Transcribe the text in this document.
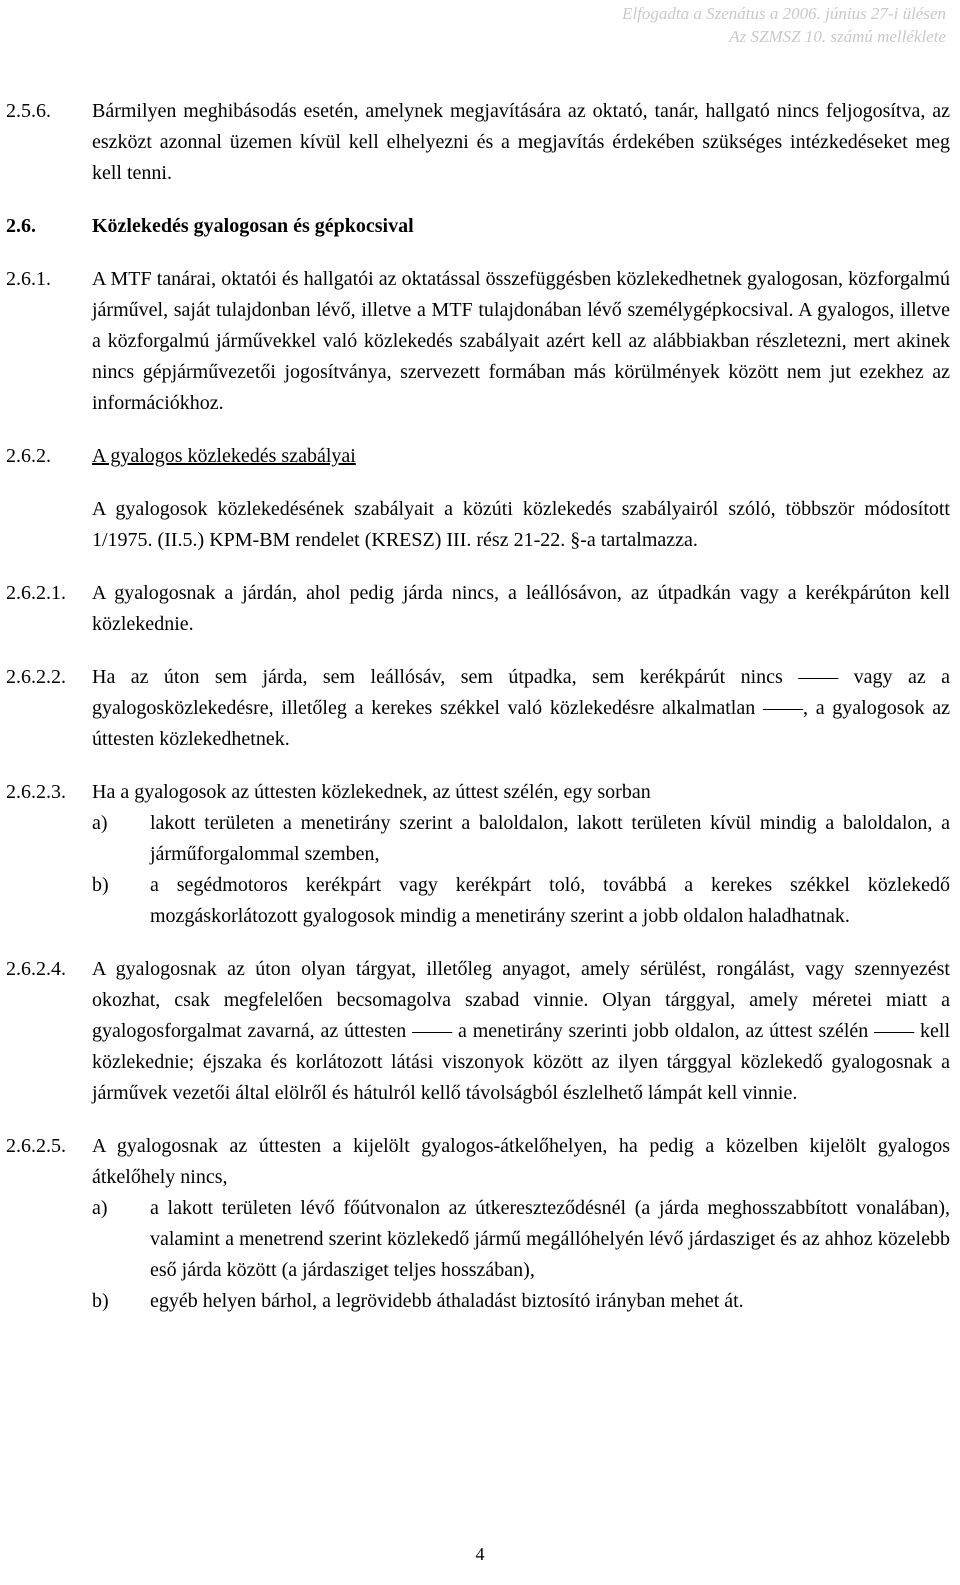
Elfogadta a Szenátus a 2006. június 27-i ülésen
Az SZMSZ 10. számú melléklete
2.5.6.	Bármilyen meghibásodás esetén, amelynek megjavítására az oktató, tanár, hallgató nincs feljogosítva, az eszközt azonnal üzemen kívül kell elhelyezni és a megjavítás érdekében szükséges intézkedéseket meg kell tenni.
2.6.	Közlekedés gyalogosan és gépkocsival
2.6.1.	A MTF tanárai, oktatói és hallgatói az oktatással összefüggésben közlekedhetnek gyalogosan, közforgalmú járművel, saját tulajdonban lévő, illetve a MTF tulajdonában lévő személygépkocsival. A gyalogos, illetve a közforgalmú járművekkel való közlekedés szabályait azért kell az alábbiakban részletezni, mert akinek nincs gépjárművezetői jogosítványa, szervezett formában más körülmények között nem jut ezekhez az információkhoz.
2.6.2.	A gyalogos közlekedés szabályai
A gyalogosok közlekedésének szabályait a közúti közlekedés szabályairól szóló, többször módosított 1/1975. (II.5.) KPM-BM rendelet (KRESZ) III. rész 21-22. §-a tartalmazza.
2.6.2.1.	A gyalogosnak a járdán, ahol pedig járda nincs, a leállósávon, az útpadkán vagy a kerékpárúton kell közlekednie.
2.6.2.2.	Ha az úton sem járda, sem leállósáv, sem útpadka, sem kerékpárút nincs —— vagy az a gyalogosközlekedésre, illetőleg a kerekes székkel való közlekedésre alkalmatlan ——, a gyalogosok az úttesten közlekedhetnek.
2.6.2.3.	Ha a gyalogosok az úttesten közlekednek, az úttest szélén, egy sorban
a)	lakott területen a menetirány szerint a baloldalon, lakott területen kívül mindig a baloldalon, a járműforgalommal szemben,
b)	a segédmotoros kerékpárt vagy kerékpárt toló, továbbá a kerekes székkel közlekedő mozgáskorlátozott gyalogosok mindig a menetirány szerint a jobb oldalon haladhatnak.
2.6.2.4.	A gyalogosnak az úton olyan tárgyat, illetőleg anyagot, amely sérülést, rongálást, vagy szennyezést okozhat, csak megfelelően becsomagolva szabad vinnie. Olyan tárggyal, amely méretei miatt a gyalogosforgalmat zavarná, az úttesten —— a menetirány szerinti jobb oldalon, az úttest szélén —— kell közlekednie; éjszaka és korlátozott látási viszonyok között az ilyen tárggyal közlekedő gyalogosnak a járművek vezetői által elölről és hátulról kellő távolságból észlelhető lámpát kell vinnie.
2.6.2.5.	A gyalogosnak az úttesten a kijelölt gyalogos-átkelőhelyen, ha pedig a közelben kijelölt gyalogos átkelőhely nincs,
a)	a lakott területen lévő főútvonalon az útkereszteződésnél (a járda meghosszabbított vonalában), valamint a menetrend szerint közlekedő jármű megállóhelyén lévő járdasziget és az ahhoz közelebb eső járda között (a járdasziget teljes hosszában),
b)	egyéb helyen bárhol, a legrövidebb áthaladást biztosító irányban mehet át.
4
